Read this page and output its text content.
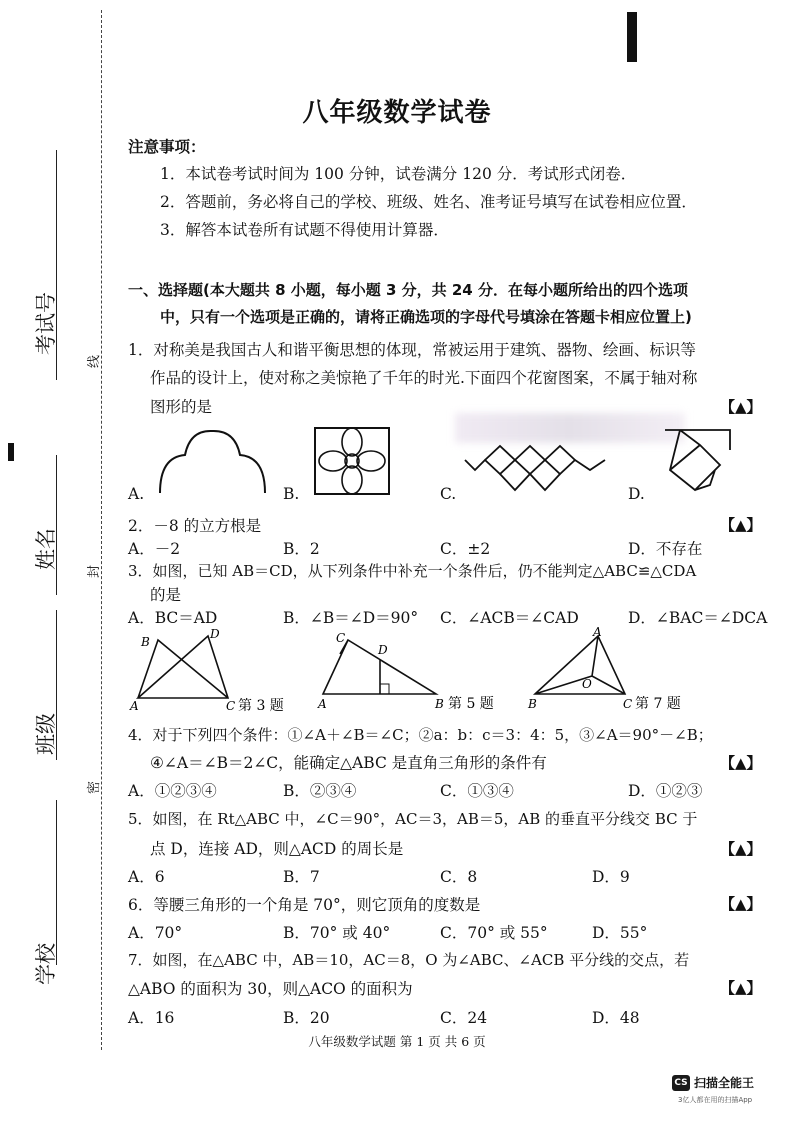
考试号
姓名
班级
学校
线
封
密
八年级数学试卷
注意事项：
1．本试卷考试时间为 100 分钟，试卷满分 120 分．考试形式闭卷．
2．答题前，务必将自己的学校、班级、姓名、准考证号填写在试卷相应位置．
3．解答本试卷所有试题不得使用计算器．
一、选择题(本大题共 8 小题，每小题 3 分，共 24 分．在每小题所给出的四个选项
中，只有一个选项是正确的，请将正确选项的字母代号填涂在答题卡相应位置上)
1．对称美是我国古人和谐平衡思想的体现，常被运用于建筑、器物、绘画、标识等
作品的设计上，使对称之美惊艳了千年的时光.下面四个花窗图案，不属于轴对称
图形的是	【▲】
A.	B.	C.	D.
2．－8 的立方根是	【▲】
A．－2	B．2	C．±2	D．不存在
3．如图，已知 AB＝CD，从下列条件中补充一个条件后，仍不能判定△ABC≌△CDA
的是
A．BC＝AD	B．∠B＝∠D＝90° C．∠ACB＝∠CAD	D．∠BAC＝∠DCA
B
D
A	C 第 3 题
C
D
A	B 第 5 题
A
O
B	C 第 7 题
4．对于下列四个条件：①∠A＋∠B＝∠C；②a：b：c＝3：4：5，③∠A＝90°－∠B；
④∠A＝∠B＝2∠C，能确定△ABC 是直角三角形的条件有	【▲】
A．①②③④	B．②③④	C．①③④	D．①②③
5．如图，在 Rt△ABC 中，∠C＝90°，AC＝3，AB＝5，AB 的垂直平分线交 BC 于
点 D，连接 AD，则△ACD 的周长是	【▲】
A．6	B．7	C．8	D．9
6．等腰三角形的一个角是 70°，则它顶角的度数是	【▲】
A．70°	B．70° 或 40°	C．70° 或 55°	D．55°
7．如图，在△ABC 中，AB＝10，AC＝8，O 为∠ABC、∠ACB 平分线的交点，若
△ABO 的面积为 30，则△ACO 的面积为	【▲】
A．16	B．20	C．24	D．48
八年级数学试题 第 1 页 共 6 页
CS 扫描全能王
3亿人都在用的扫描App
